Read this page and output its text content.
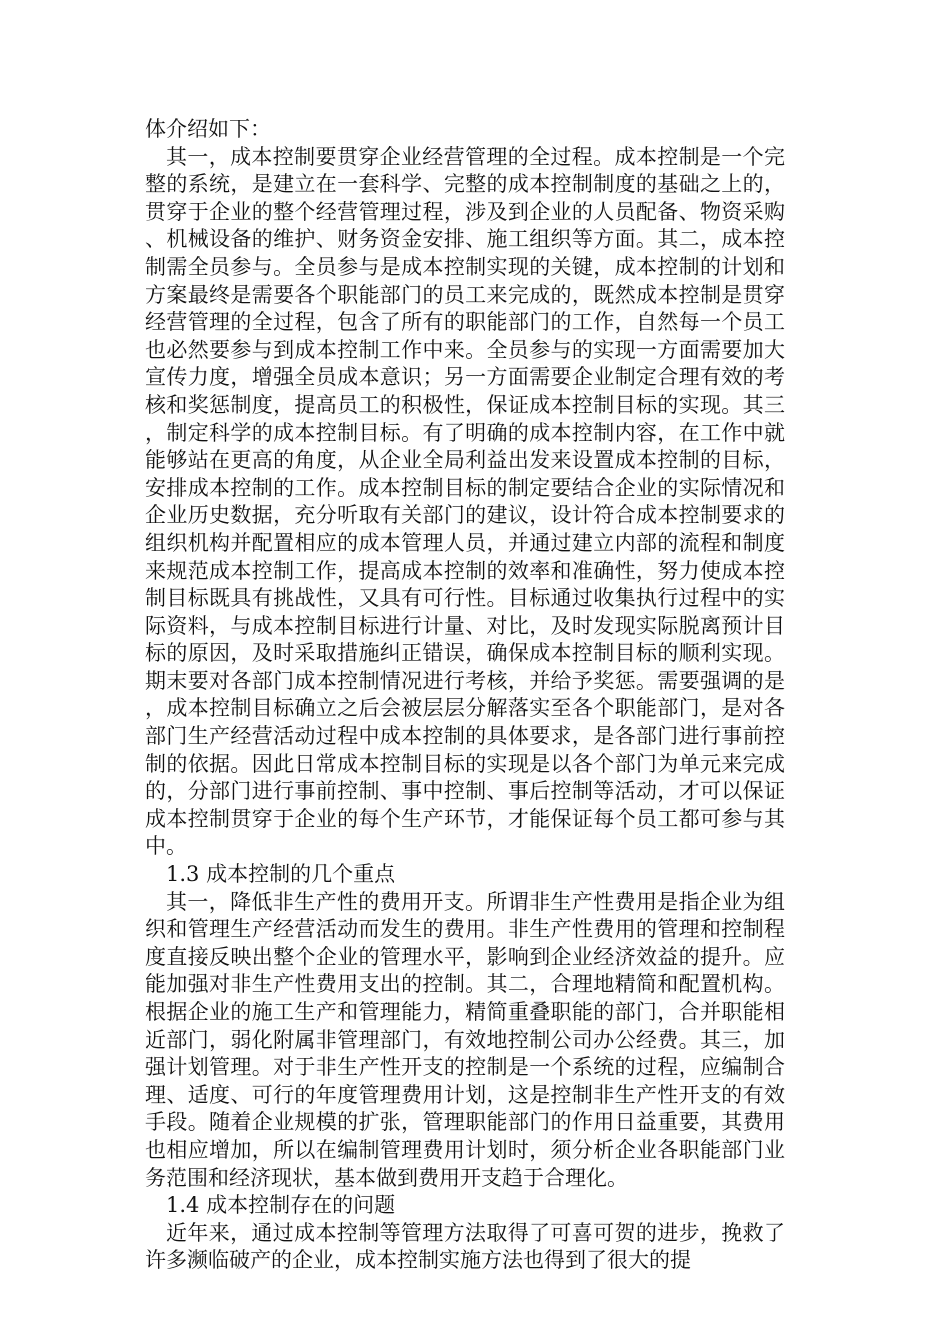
体介绍如下：

其一，成本控制要贯穿企业经营管理的全过程。成本控制是一个完整的系统，是建立在一套科学、完整的成本控制制度的基础之上的，贯穿于企业的整个经营管理过程，涉及到企业的人员配备、物资采购、机械设备的维护、财务资金安排、施工组织等方面。其二，成本控制需全员参与。全员参与是成本控制实现的关键，成本控制的计划和方案最终是需要各个职能部门的员工来完成的，既然成本控制是贯穿经营管理的全过程，包含了所有的职能部门的工作，自然每一个员工也必然要参与到成本控制工作中来。全员参与的实现一方面需要加大宣传力度，增强全员成本意识；另一方面需要企业制定合理有效的考核和奖惩制度，提高员工的积极性，保证成本控制目标的实现。其三，制定科学的成本控制目标。有了明确的成本控制内容，在工作中就能够站在更高的角度，从企业全局利益出发来设置成本控制的目标，安排成本控制的工作。成本控制目标的制定要结合企业的实际情况和企业历史数据，充分听取有关部门的建议，设计符合成本控制要求的组织机构并配置相应的成本管理人员，并通过建立内部的流程和制度来规范成本控制工作，提高成本控制的效率和准确性，努力使成本控制目标既具有挑战性，又具有可行性。目标通过收集执行过程中的实际资料，与成本控制目标进行计量、对比，及时发现实际脱离预计目标的原因，及时采取措施纠正错误，确保成本控制目标的顺利实现。期末要对各部门成本控制情况进行考核，并给予奖惩。需要强调的是，成本控制目标确立之后会被层层分解落实至各个职能部门，是对各部门生产经营活动过程中成本控制的具体要求，是各部门进行事前控制的依据。因此日常成本控制目标的实现是以各个部门为单元来完成的，分部门进行事前控制、事中控制、事后控制等活动，才可以保证成本控制贯穿于企业的每个生产环节，才能保证每个员工都可参与其中。

1.3 成本控制的几个重点

其一，降低非生产性的费用开支。所谓非生产性费用是指企业为组织和管理生产经营活动而发生的费用。非生产性费用的管理和控制程度直接反映出整个企业的管理水平，影响到企业经济效益的提升。应能加强对非生产性费用支出的控制。其二，合理地精简和配置机构。根据企业的施工生产和管理能力，精简重叠职能的部门，合并职能相近部门，弱化附属非管理部门，有效地控制公司办公经费。其三，加强计划管理。对于非生产性开支的控制是一个系统的过程，应编制合理、适度、可行的年度管理费用计划，这是控制非生产性开支的有效手段。随着企业规模的扩张，管理职能部门的作用日益重要，其费用也相应增加，所以在编制管理费用计划时，须分析企业各职能部门业务范围和经济现状，基本做到费用开支趋于合理化。

1.4 成本控制存在的问题

近年来，通过成本控制等管理方法取得了可喜可贺的进步，挽救了许多濒临破产的企业，成本控制实施方法也得到了很大的提
